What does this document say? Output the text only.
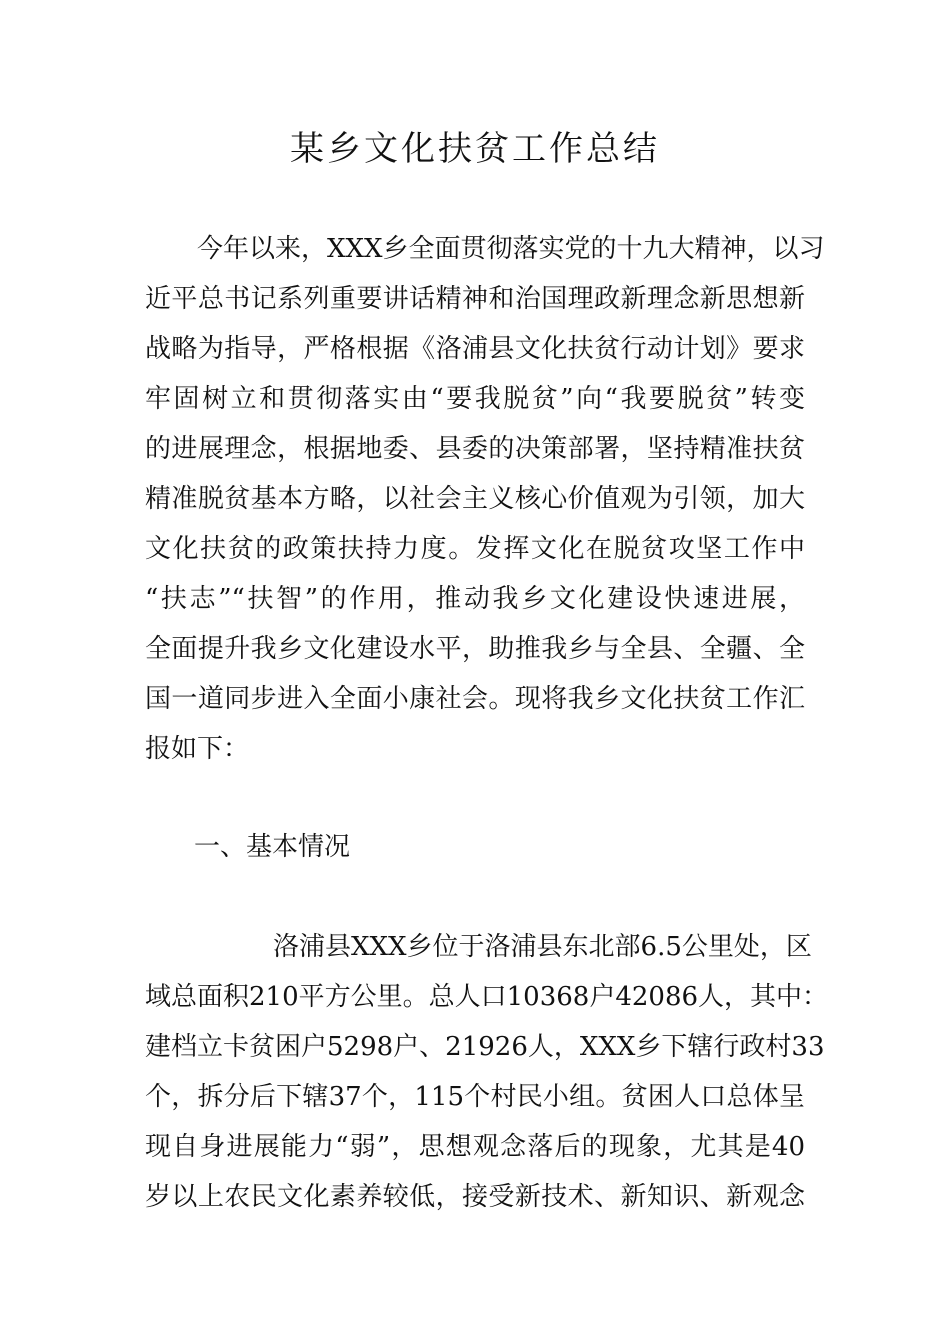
某乡文化扶贫工作总结
今年以来，XXX乡全面贯彻落实党的十九大精神，以习
近平总书记系列重要讲话精神和治国理政新理念新思想新
战略为指导，严格根据《洛浦县文化扶贫行动计划》要求
牢固树立和贯彻落实由“要我脱贫”向“我要脱贫”转变
的进展理念，根据地委、县委的决策部署，坚持精准扶贫
精准脱贫基本方略，以社会主义核心价值观为引领，加大
文化扶贫的政策扶持力度。发挥文化在脱贫攻坚工作中
“扶志”“扶智”的作用，推动我乡文化建设快速进展，
全面提升我乡文化建设水平，助推我乡与全县、全疆、全
国一道同步进入全面小康社会。现将我乡文化扶贫工作汇
报如下：
一、基本情况
洛浦县XXX乡位于洛浦县东北部6.5公里处，区
域总面积210平方公里。总人口10368户42086人，其中：
建档立卡贫困户5298户、21926人，XXX乡下辖行政村33
个，拆分后下辖37个，115个村民小组。贫困人口总体呈
现自身进展能力“弱”，思想观念落后的现象，尤其是40
岁以上农民文化素养较低，接受新技术、新知识、新观念
